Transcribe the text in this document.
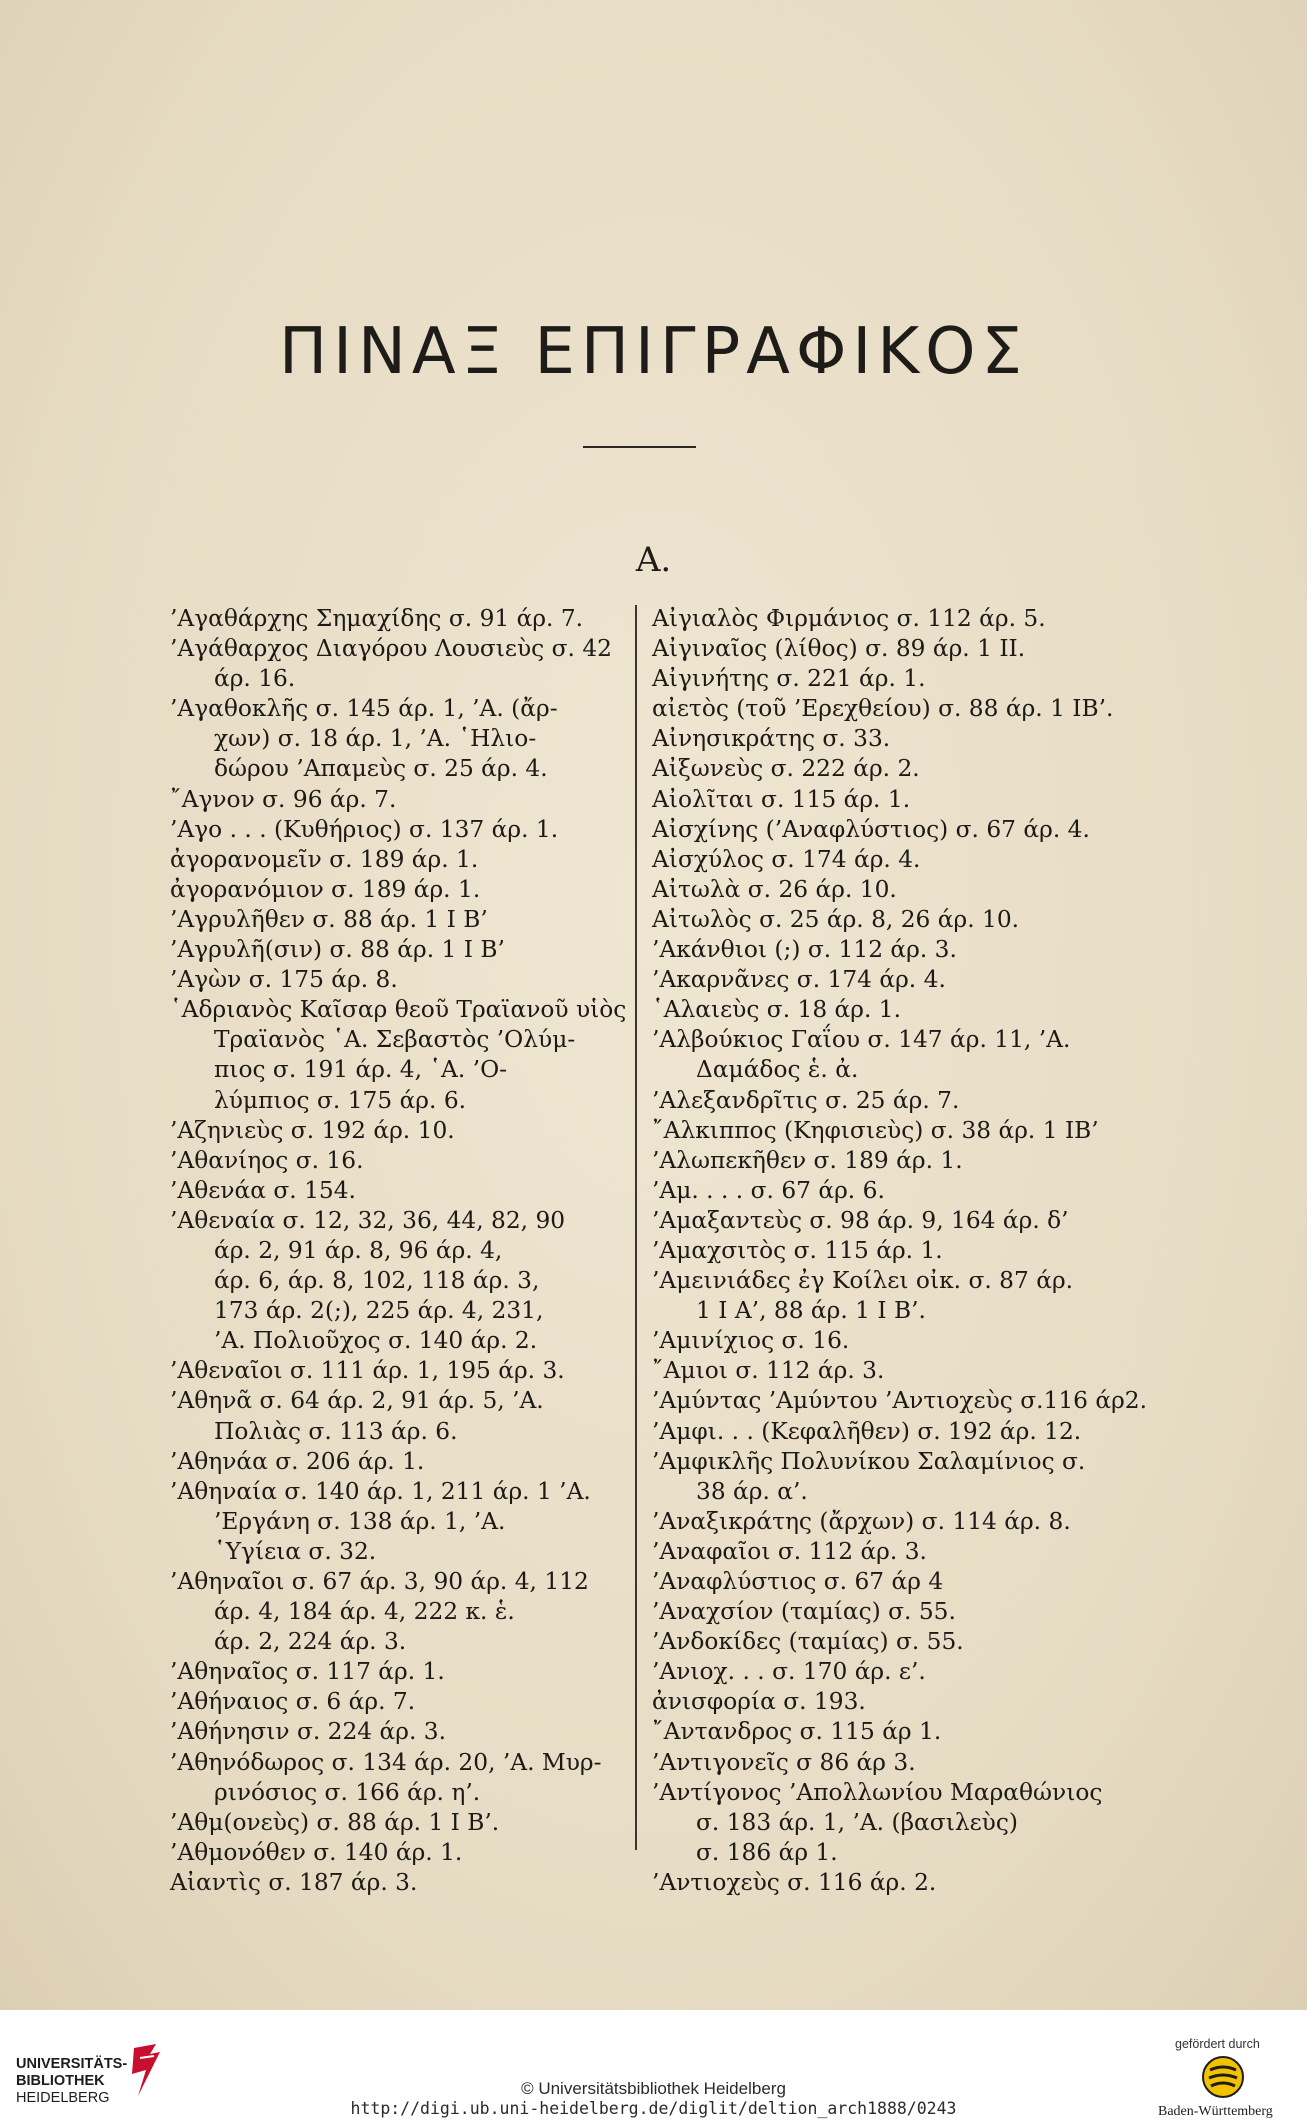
ΠΙΝΑΞ ΕΠΙΓΡΑΦΙΚΟΣ
Α.
’Αγαθάρχης Σημαχίδης σ. 91 άρ. 7.
’Αγάθαρχος Διαγόρου Λουσιεὺς σ. 42
άρ. 16.
’Αγαθοκλῆς σ. 145 άρ. 1, ’Α. (ἄρ-
χων) σ. 18 άρ. 1, ’Α. ῾Ηλιο-
δώρου ’Απαμεὺς σ. 25 άρ. 4.
῎Αγνον σ. 96 άρ. 7.
’Αγο . . . (Κυθήριος) σ. 137 άρ. 1.
ἀγορανομεῖν σ. 189 άρ. 1.
ἀγορανόμιον σ. 189 άρ. 1.
’Αγρυλῆθεν σ. 88 άρ. 1 Ι Β’
’Αγρυλῆ(σιν) σ. 88 άρ. 1 Ι Β’
’Αγὼν σ. 175 άρ. 8.
῾Αδριανὸς Καῖσαρ θεοῦ Τραϊανοῦ υἱὸς
Τραϊανὸς ῾Α. Σεβαστὸς ’Ολύμ-
πιος σ. 191 άρ. 4, ῾Α. ’Ο-
λύμπιος σ. 175 άρ. 6.
’Αζηνιεὺς σ. 192 άρ. 10.
’Αθανίηος σ. 16.
’Αθενάα σ. 154.
’Αθεναία σ. 12, 32, 36, 44, 82, 90
άρ. 2, 91 άρ. 8, 96 άρ. 4,
άρ. 6, άρ. 8, 102, 118 άρ. 3,
173 άρ. 2(;), 225 άρ. 4, 231,
’Α. Πολιοῦχος σ. 140 άρ. 2.
’Αθεναῖοι σ. 111 άρ. 1, 195 άρ. 3.
’Αθηνᾶ σ. 64 άρ. 2, 91 άρ. 5, ’Α.
Πολιὰς σ. 113 άρ. 6.
’Αθηνάα σ. 206 άρ. 1.
’Αθηναία σ. 140 άρ. 1, 211 άρ. 1 ’Α.
’Εργάνη σ. 138 άρ. 1, ’Α.
῾Υγίεια σ. 32.
’Αθηναῖοι σ. 67 άρ. 3, 90 άρ. 4, 112
άρ. 4, 184 άρ. 4, 222 κ. ἑ.
άρ. 2, 224 άρ. 3.
’Αθηναῖος σ. 117 άρ. 1.
’Αθήναιος σ. 6 άρ. 7.
’Αθήνησιν σ. 224 άρ. 3.
’Αθηνόδωρος σ. 134 άρ. 20, ’Α. Μυρ-
ρινόσιος σ. 166 άρ. η’.
’Αθμ(ονεὺς) σ. 88 άρ. 1 Ι Β’.
’Αθμονόθεν σ. 140 άρ. 1.
Αἰαντὶς σ. 187 άρ. 3.
Αἰγιαλὸς Φιρμάνιος σ. 112 άρ. 5.
Αἰγιναῖος (λίθος) σ. 89 άρ. 1 ΙΙ.
Αἰγινήτης σ. 221 άρ. 1.
αἰετὸς (τοῦ ’Ερεχθείου) σ. 88 άρ. 1 ΙΒ’.
Αἰνησικράτης σ. 33.
Αἰξωνεὺς σ. 222 άρ. 2.
Αἰολῖται σ. 115 άρ. 1.
Αἰσχίνης (’Αναφλύστιος) σ. 67 άρ. 4.
Αἰσχύλος σ. 174 άρ. 4.
Αἰτωλὰ σ. 26 άρ. 10.
Αἰτωλὸς σ. 25 άρ. 8, 26 άρ. 10.
’Ακάνθιοι (;) σ. 112 άρ. 3.
’Ακαρνᾶνες σ. 174 άρ. 4.
῾Αλαιεὺς σ. 18 άρ. 1.
’Αλβούκιος Γαΐου σ. 147 άρ. 11, ’Α.
Δαμάδος ἑ. ἀ.
’Αλεξανδρῖτις σ. 25 άρ. 7.
῎Αλκιππος (Κηφισιεὺς) σ. 38 άρ. 1 ΙΒ’
’Αλωπεκῆθεν σ. 189 άρ. 1.
’Αμ. . . . σ. 67 άρ. 6.
’Αμαξαντεὺς σ. 98 άρ. 9, 164 άρ. δ’
’Αμαχσιτὸς σ. 115 άρ. 1.
’Αμεινιάδες ἐγ Κοίλει οἰκ. σ. 87 άρ.
1 Ι Α’, 88 άρ. 1 Ι Β’.
’Αμινίχιος σ. 16.
῎Αμιοι σ. 112 άρ. 3.
’Αμύντας ’Αμύντου ’Αντιοχεὺς σ.116 άρ2.
’Αμφι. . . (Κεφαλῆθεν) σ. 192 άρ. 12.
’Αμφικλῆς Πολυνίκου Σαλαμίνιος σ.
38 άρ. α’.
’Αναξικράτης (ἄρχων) σ. 114 άρ. 8.
’Αναφαῖοι σ. 112 άρ. 3.
’Αναφλύστιος σ. 67 άρ 4
’Αναχσίον (ταμίας) σ. 55.
’Ανδοκίδες (ταμίας) σ. 55.
’Ανιοχ. . . σ. 170 άρ. ε’.
ἀνισφορία σ. 193.
῎Αντανδρος σ. 115 άρ 1.
’Αντιγονεῖς σ 86 άρ 3.
’Αντίγονος ’Απολλωνίου Μαραθώνιος
σ. 183 άρ. 1, ’Α. (βασιλεὺς)
σ. 186 άρ 1.
’Αντιοχεὺς σ. 116 άρ. 2.
UNIVERSITÄTS-
BIBLIOTHEK
HEIDELBERG	© Universitätsbibliothek Heidelberg
http://digi.ub.uni-heidelberg.de/diglit/deltion_arch1888/0243
gefördert durch
Baden-Württemberg
